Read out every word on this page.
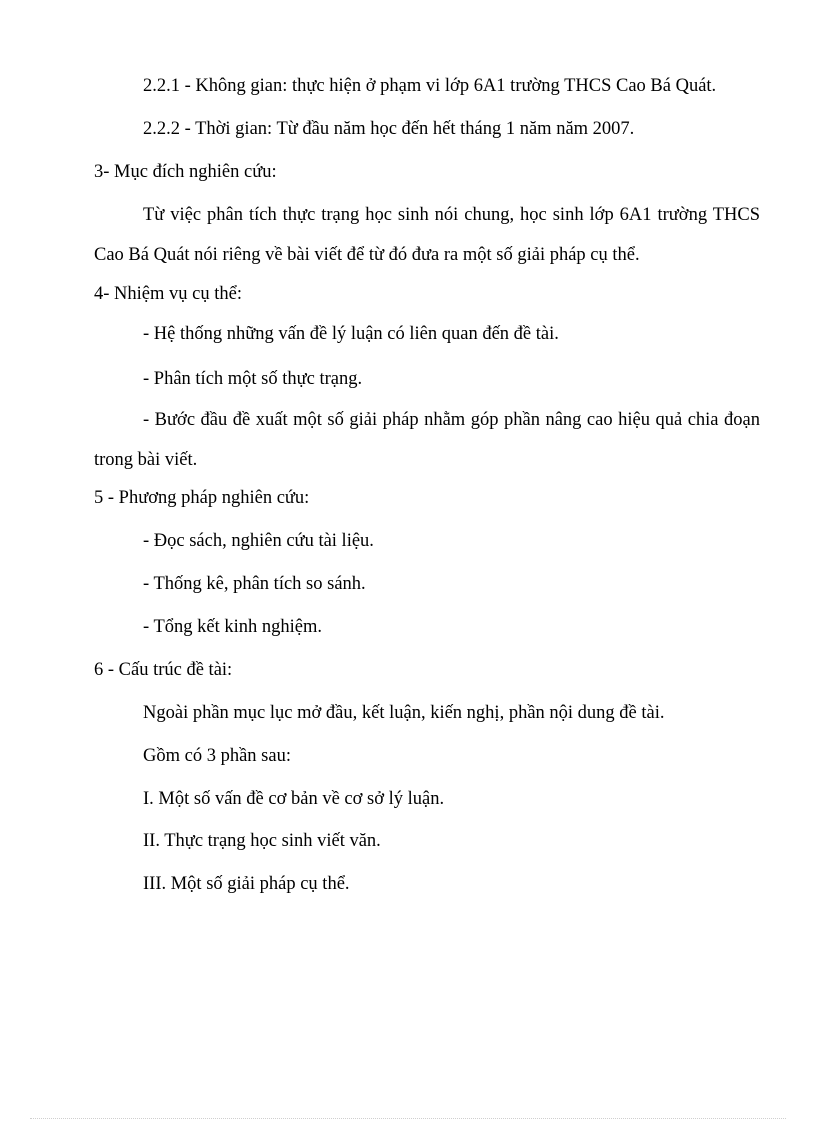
2.2.1 - Không gian: thực hiện ở phạm vi lớp 6A1 trường THCS Cao Bá Quát.
2.2.2 - Thời gian: Từ đầu năm học đến hết tháng 1 năm năm 2007.
3- Mục đích nghiên cứu:
Từ việc phân tích thực trạng học sinh nói chung, học sinh lớp 6A1 trường THCS Cao Bá Quát nói riêng về bài viết để từ đó đưa ra một số giải pháp cụ thể.
4- Nhiệm vụ cụ thể:
- Hệ thống những vấn đề lý luận có liên quan đến đề tài.
- Phân tích một số thực trạng.
- Bước đầu đề xuất một số giải pháp nhằm góp phần nâng cao hiệu quả chia đoạn trong bài viết.
5 - Phương pháp nghiên cứu:
- Đọc sách, nghiên cứu tài liệu.
- Thống kê, phân tích so sánh.
- Tổng kết kinh nghiệm.
6 - Cấu trúc đề tài:
Ngoài phần mục lục mở đầu, kết luận, kiến nghị, phần nội dung đề tài.
Gồm có 3 phần sau:
I. Một số vấn đề cơ bản về cơ sở lý luận.
II. Thực trạng học sinh viết văn.
III. Một số giải pháp cụ thể.
